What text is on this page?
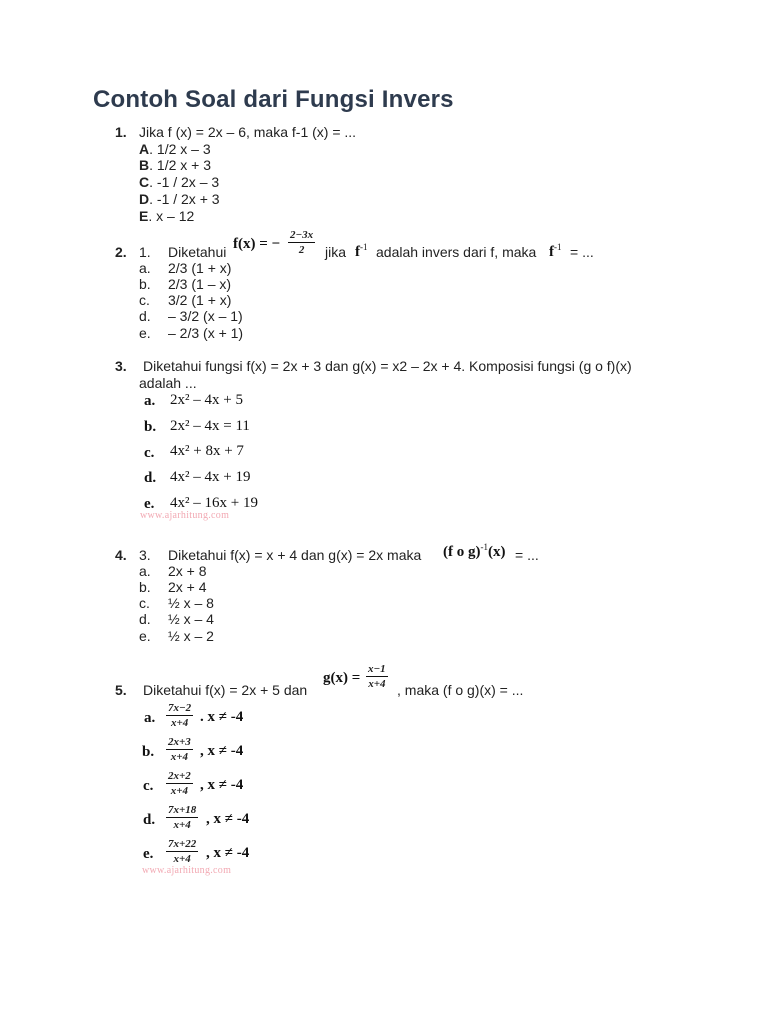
Contoh Soal dari Fungsi Invers
1. Jika f (x) = 2x – 6, maka f-1 (x) = ...
A. 1/2 x – 3
B. 1/2 x + 3
C. -1 / 2x – 3
D. -1 / 2x + 3
E. x – 12
2. 1. Diketahui f(x) = − $\frac{2-3x}{2}$ jika $f^{-1}$ adalah invers dari f, maka $f^{-1}$ = ...
a. 2/3 (1 + x)
b. 2/3 (1 – x)
c. 3/2 (1 + x)
d. – 3/2 (x – 1)
e. – 2/3 (x + 1)
3. Diketahui fungsi f(x) = 2x + 3 dan g(x) = x2 – 2x + 4. Komposisi fungsi (g o f)(x)
adalah ...
a. 2x² – 4x + 5
b. 2x² – 4x = 11
c. 4x² + 8x + 7
d. 4x² – 4x + 19
e. 4x² – 16x + 19
www.ajarhitung.com
4. 3. Diketahui f(x) = x + 4 dan g(x) = 2x maka (f o g)$^{-1}$(x) = ...
a. 2x + 8
b. 2x + 4
c. ½ x – 8
d. ½ x – 4
e. ½ x – 2
5. Diketahui f(x) = 2x + 5 dan
$g(x) = \frac{x-1}{x+4}$ , maka (f o g)(x) = ...
a. $\frac{7x-2}{x+4}$ . x ≠ -4
b. $\frac{2x+3}{x+4}$ , x ≠ -4
c. $\frac{2x+2}{x+4}$ , x ≠ -4
d. $\frac{7x+18}{x+4}$ , x ≠ -4
e. $\frac{7x+22}{x+4}$ , x ≠ -4
www.ajarhitung.com
